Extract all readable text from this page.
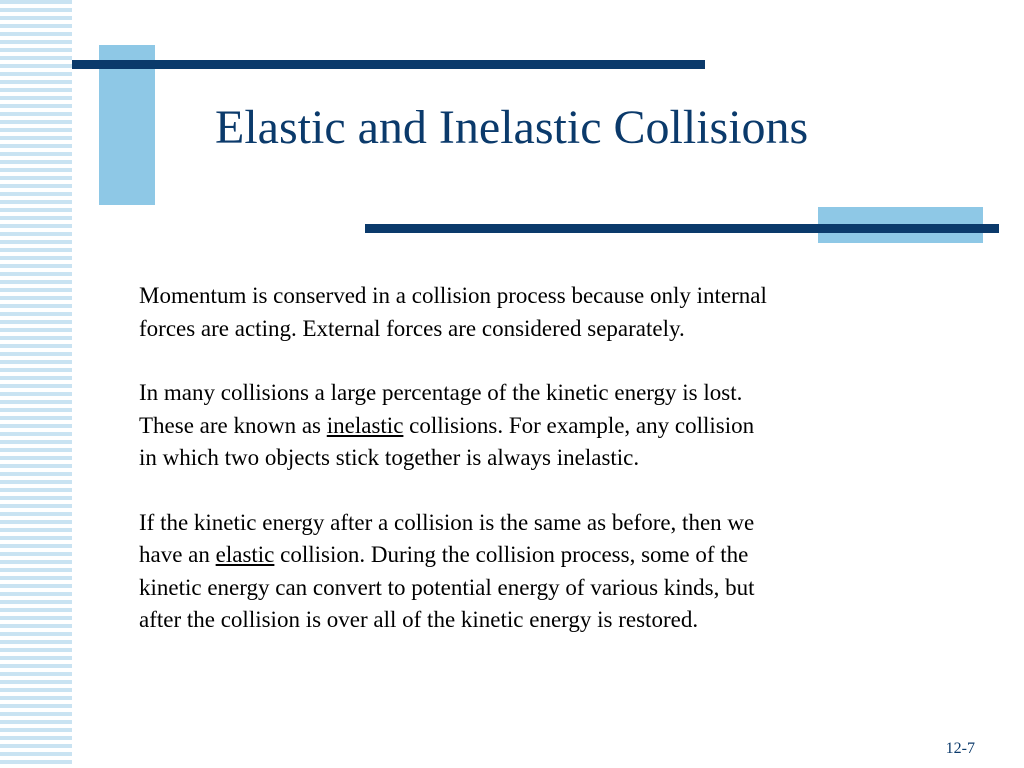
Elastic and Inelastic Collisions

Momentum is conserved in a collision process because only internal
forces are acting. External forces are considered separately.

In many collisions a large percentage of the kinetic energy is lost.
These are known as inelastic collisions. For example, any collision
in which two objects stick together is always inelastic.

If the kinetic energy after a collision is the same as before, then we
have an elastic collision. During the collision process, some of the
kinetic energy can convert to potential energy of various kinds, but
after the collision is over all of the kinetic energy is restored.

12-7
